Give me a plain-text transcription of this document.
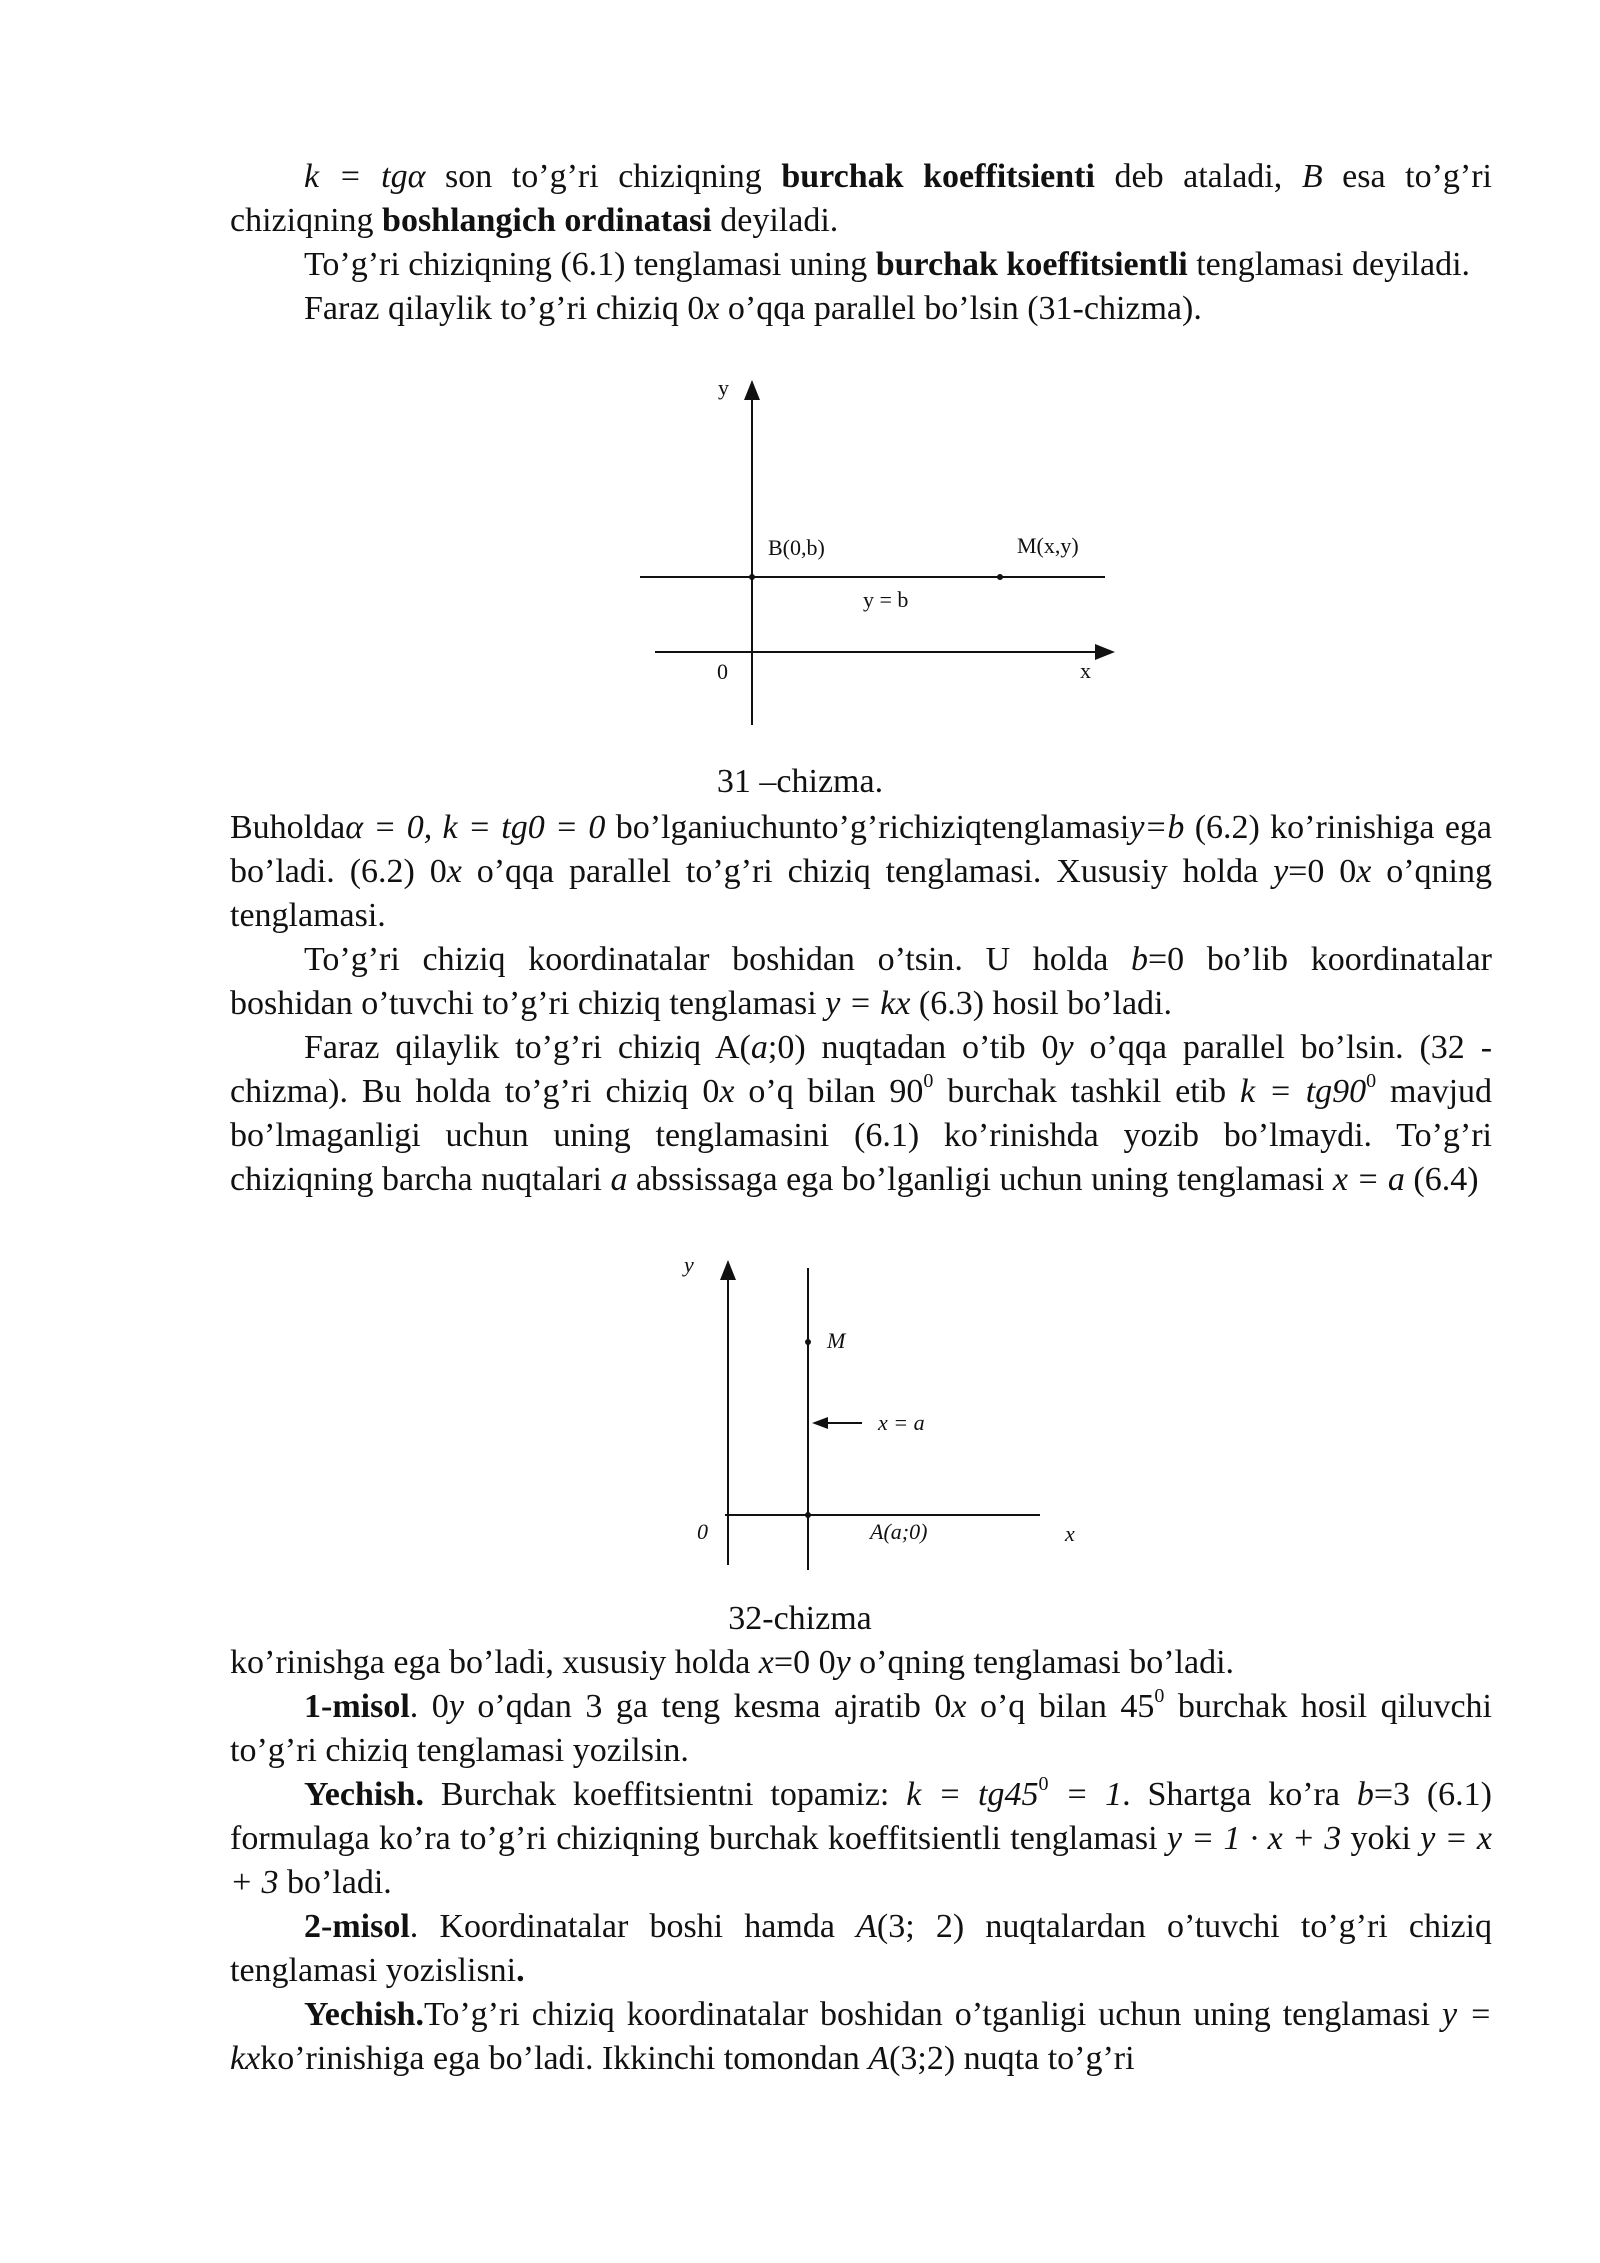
k = tgα son to’g’ri chiziqning burchak koeffitsienti deb ataladi, B esa to’g’ri chiziqning boshlangich ordinatasi deyiladi.

To’g’ri chiziqning (6.1) tenglamasi uning burchak koeffitsientli tenglamasi deyiladi.

Faraz qilaylik to’g’ri chiziq 0x o’qqa parallel bo’lsin (31-chizma).

y
x
0
B(0,b)	M(x,y)
y = b
31 –chizma.

Buholdaα = 0, k = tg0 = 0 bo’lganiuchunto’g’richiziqtenglamasiy=b (6.2) ko’rinishiga ega bo’ladi. (6.2) 0x o’qqa parallel to’g’ri chiziq tenglamasi. Xususiy holda y=0 0x o’qning tenglamasi.

To’g’ri chiziq koordinatalar boshidan o’tsin. U holda b=0 bo’lib koordinatalar boshidan o’tuvchi to’g’ri chiziq tenglamasi y = kx (6.3) hosil bo’ladi.

Faraz qilaylik to’g’ri chiziq A(a;0) nuqtadan o’tib 0y o’qqa parallel bo’lsin. (32 -chizma). Bu holda to’g’ri chiziq 0x o’q bilan $90^0$ burchak tashkil etib $k = tg90^0$ mavjud bo’lmaganligi uchun uning tenglamasini (6.1) ko’rinishda yozib bo’lmaydi. To’g’ri chiziqning barcha nuqtalari a abssissaga ega bo’lganligi uchun uning tenglamasi x = a (6.4)

y
x
0
M
x = a
A(a;0)
32-chizma

ko’rinishga ega bo’ladi, xususiy holda x=0 0y o’qning tenglamasi bo’ladi.

1-misol. 0y o’qdan 3 ga teng kesma ajratib 0x o’q bilan $45^0$ burchak hosil qiluvchi to’g’ri chiziq tenglamasi yozilsin.

Yechish. Burchak koeffitsientni topamiz: $k = tg45^0 = 1$. Shartga ko’ra b=3 (6.1) formulaga ko’ra to’g’ri chiziqning burchak koeffitsientli tenglamasi y = 1 · x + 3 yoki y = x + 3 bo’ladi.

2-misol. Koordinatalar boshi hamda A(3; 2) nuqtalardan o’tuvchi to’g’ri chiziq tenglamasi yozislisni.

Yechish.To’g’ri chiziq koordinatalar boshidan o’tganligi uchun uning tenglamasi y = kxko’rinishiga ega bo’ladi. Ikkinchi tomondan A(3;2) nuqta to’g’ri
